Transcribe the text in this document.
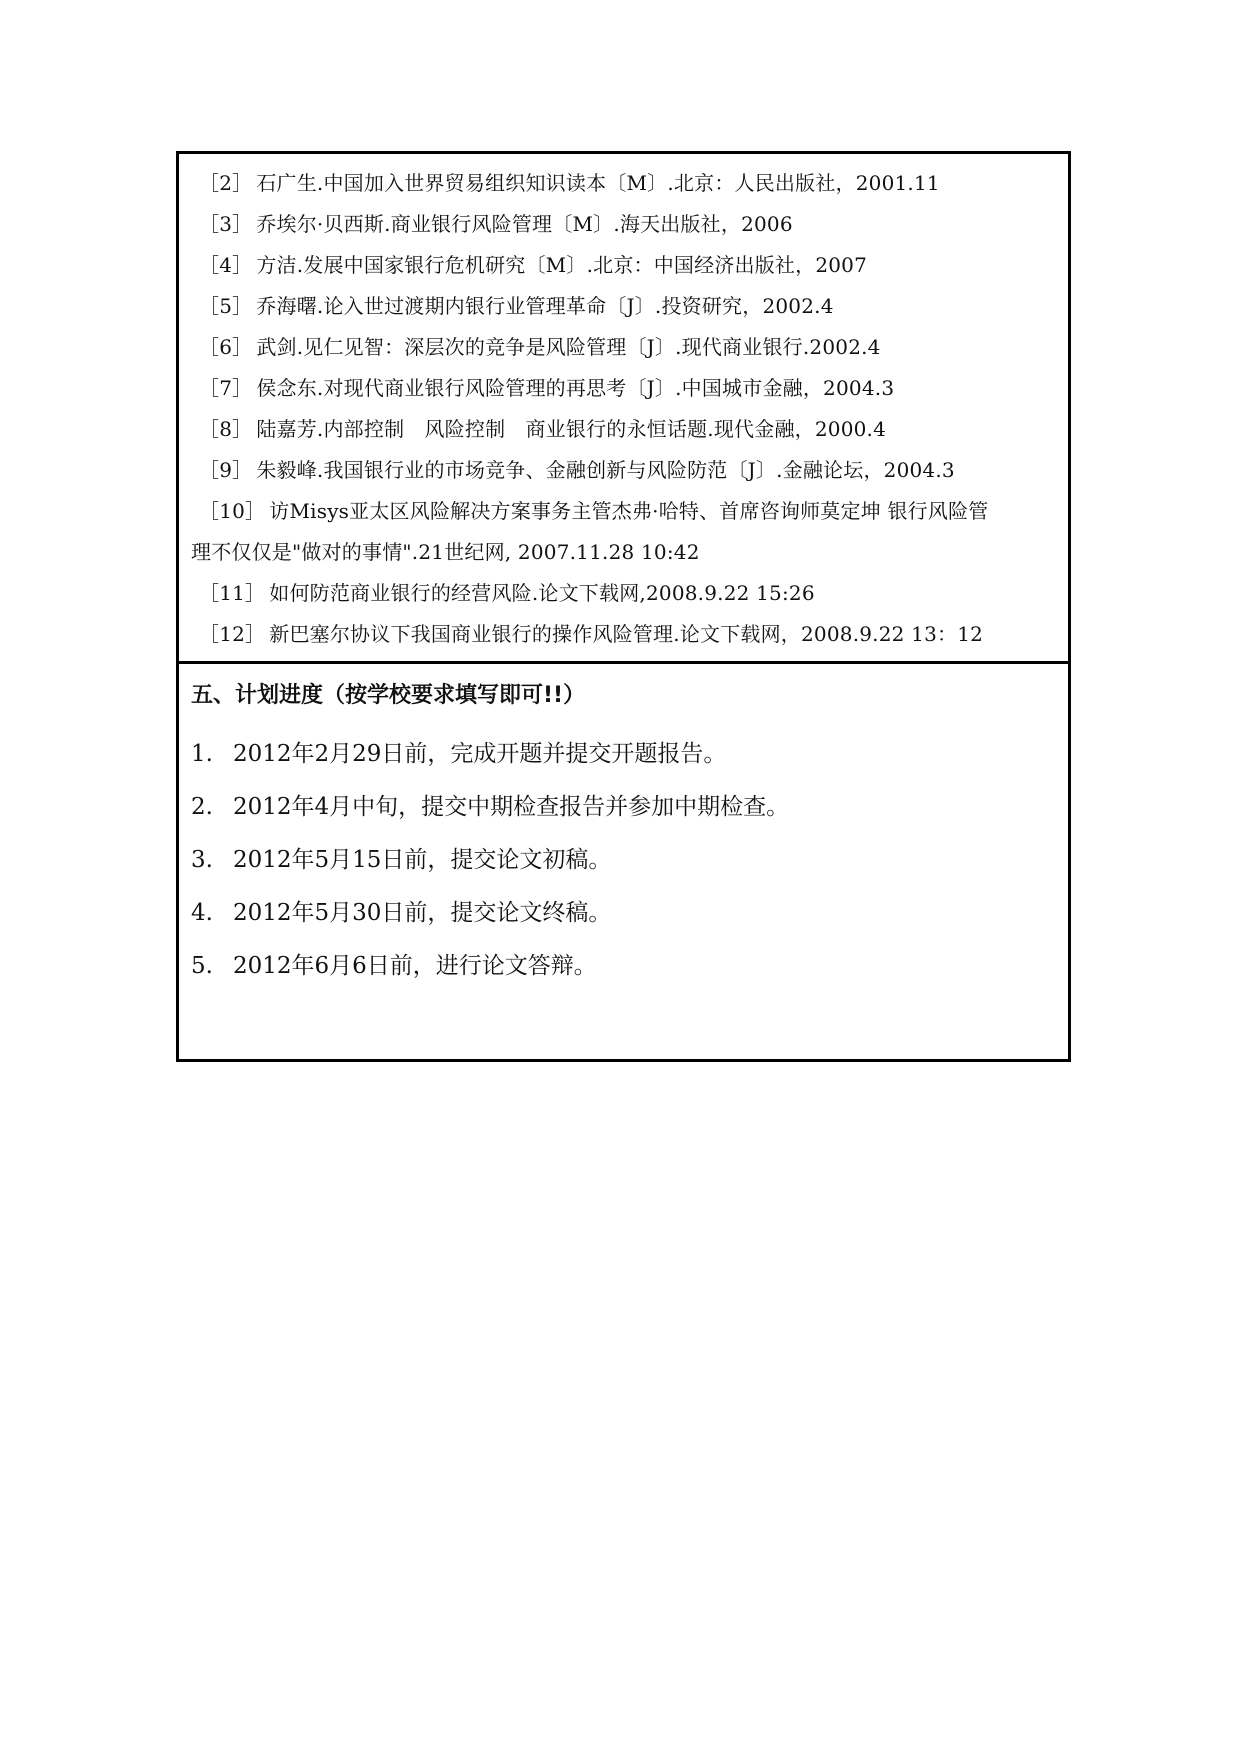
［2］ 石广生.中国加入世界贸易组织知识读本〔M〕.北京：人民出版社，2001.11
［3］ 乔埃尔·贝西斯.商业银行风险管理〔M〕.海天出版社，2006
［4］ 方洁.发展中国家银行危机研究〔M〕.北京：中国经济出版社，2007
［5］ 乔海曙.论入世过渡期内银行业管理革命〔J〕.投资研究，2002.4
［6］ 武剑.见仁见智：深层次的竞争是风险管理〔J〕.现代商业银行.2002.4
［7］ 侯念东.对现代商业银行风险管理的再思考〔J〕.中国城市金融，2004.3
［8］ 陆嘉芳.内部控制　风险控制　商业银行的永恒话题.现代金融，2000.4
［9］ 朱毅峰.我国银行业的市场竞争、金融创新与风险防范〔J〕.金融论坛，2004.3
［10］ 访Misys亚太区风险解决方案事务主管杰弗·哈特、首席咨询师莫定坤 银行风险管
理不仅仅是"做对的事情".21世纪网, 2007.11.28 10:42
［11］ 如何防范商业银行的经营风险.论文下载网,2008.9.22 15:26
［12］ 新巴塞尔协议下我国商业银行的操作风险管理.论文下载网，2008.9.22 13：12
五、计划进度（按学校要求填写即可!!）
1. 2012年2月29日前，完成开题并提交开题报告。
2. 2012年4月中旬，提交中期检查报告并参加中期检查。
3. 2012年5月15日前，提交论文初稿。
4. 2012年5月30日前，提交论文终稿。
5. 2012年6月6日前，进行论文答辩。
